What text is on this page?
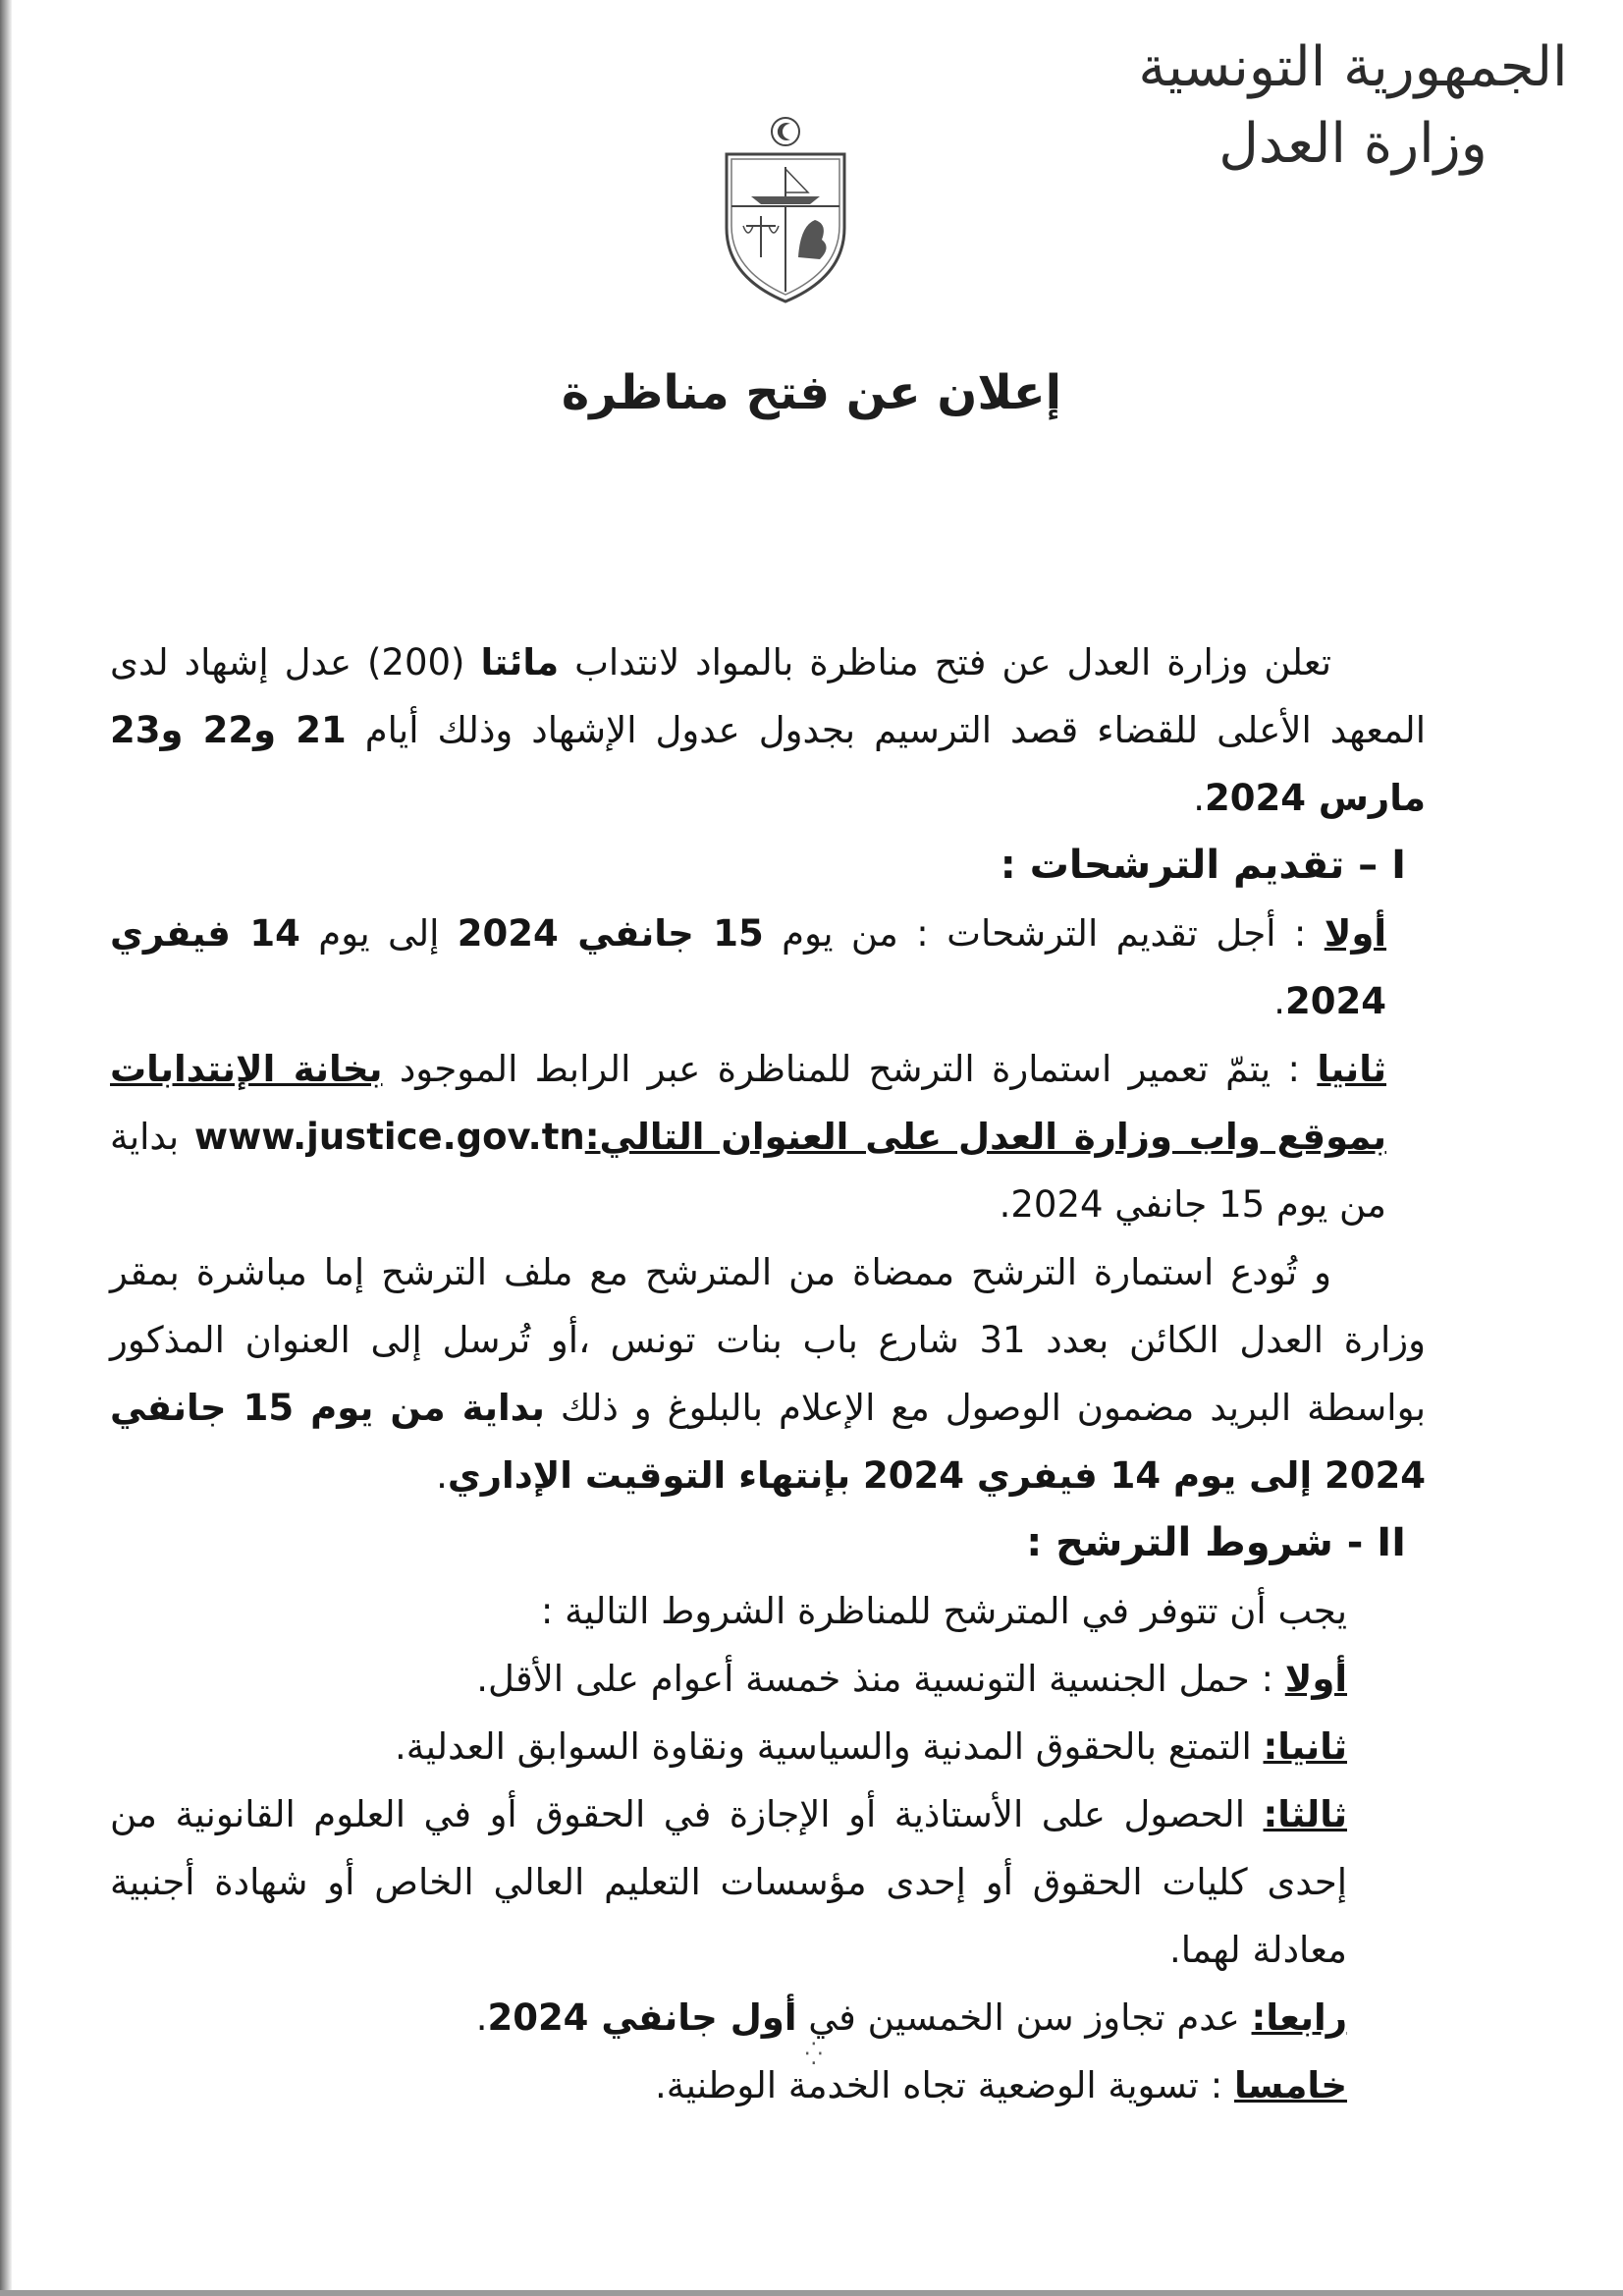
الجمهورية التونسية
وزارة العدل
إعلان عن فتح مناظرة

تعلن وزارة العدل عن فتح مناظرة بالمواد لانتداب مائتا (200) عدل إشهاد لدى المعهد الأعلى للقضاء قصد الترسيم بجدول عدول الإشهاد وذلك أيام 21 و22 و23 مارس 2024.

I – تقديم الترشحات :

أولا : أجل تقديم الترشحات : من يوم 15 جانفي 2024 إلى يوم 14 فيفري 2024.

ثانيا : يتمّ تعمير استمارة الترشح للمناظرة عبر الرابط الموجود بخانة الإنتدابات بموقع واب وزارة العدل على العنوان التالي:www.justice.gov.tn بداية من يوم 15 جانفي 2024.

و تُودع استمارة الترشح ممضاة من المترشح مع ملف الترشح إما مباشرة بمقر وزارة العدل الكائن بعدد 31 شارع باب بنات تونس ،أو تُرسل إلى العنوان المذكور بواسطة البريد مضمون الوصول مع الإعلام بالبلوغ و ذلك بداية من يوم 15 جانفي 2024 إلى يوم 14 فيفري 2024 بإنتهاء التوقيت الإداري.

II - شروط الترشح :

يجب أن تتوفر في المترشح للمناظرة الشروط التالية :

أولا : حمل الجنسية التونسية منذ خمسة أعوام على الأقل.

ثانيا: التمتع بالحقوق المدنية والسياسية ونقاوة السوابق العدلية.

ثالثا: الحصول على الأستاذية أو الإجازة في الحقوق أو في العلوم القانونية من إحدى كليات الحقوق أو إحدى مؤسسات التعليم العالي الخاص أو شهادة أجنبية معادلة لهما.

رابعا: عدم تجاوز سن الخمسين في أول جانفي 2024.

خامسا : تسوية الوضعية تجاه الخدمة الوطنية.

⁛
